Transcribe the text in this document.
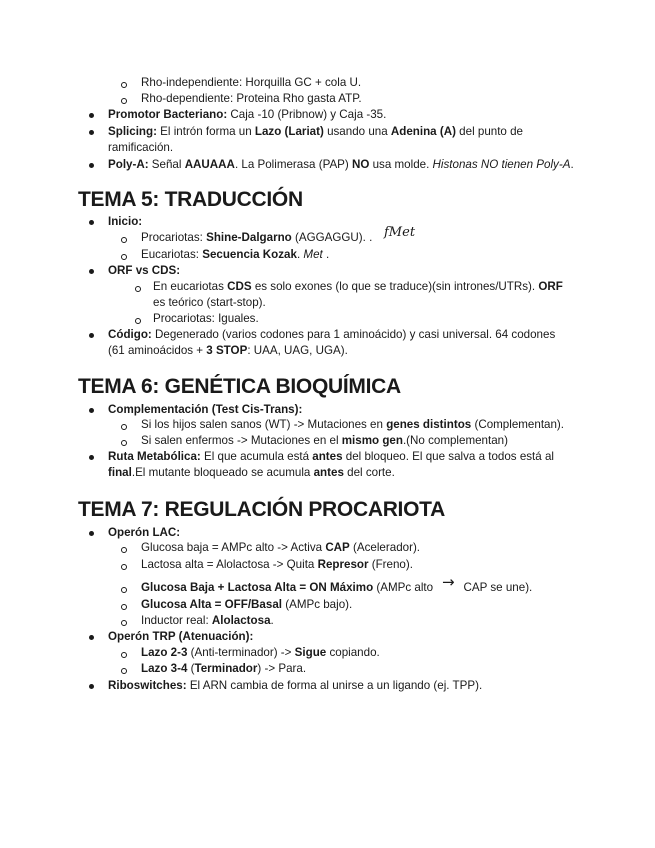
Rho-independiente: Horquilla GC + cola U.
Rho-dependiente: Proteina Rho gasta ATP.
Promotor Bacteriano: Caja -10 (Pribnow) y Caja -35.
Splicing: El intrón forma un Lazo (Lariat) usando una Adenina (A) del punto de
ramificación.
Poly-A: Señal AAUAAA. La Polimerasa (PAP) NO usa molde. Histonas NO tienen Poly-A.
TEMA 5: TRADUCCIÓN
Inicio:
Procariotas: Shine-Dalgarno (AGGAGGU). . fMet
Eucariotas: Secuencia Kozak. Met .
ORF vs CDS:
En eucariotas CDS es solo exones (lo que se traduce)(sin intrones/UTRs). ORF
es teórico (start-stop).
Procariotas: Iguales.
Código: Degenerado (varios codones para 1 aminoácido) y casi universal. 64 codones
(61 aminoácidos + 3 STOP: UAA, UAG, UGA).
TEMA 6: GENÉTICA BIOQUÍMICA
Complementación (Test Cis-Trans):
Si los hijos salen sanos (WT) -> Mutaciones en genes distintos (Complementan).
Si salen enfermos -> Mutaciones en el mismo gen.(No complementan)
Ruta Metabólica: El que acumula está antes del bloqueo. El que salva a todos está al
final.El mutante bloqueado se acumula antes del corte.
TEMA 7: REGULACIÓN PROCARIOTA
Operón LAC:
Glucosa baja = AMPc alto -> Activa CAP (Acelerador).
Lactosa alta = Alolactosa -> Quita Represor (Freno).
Glucosa Baja + Lactosa Alta = ON Máximo (AMPc alto  CAP se une).
→
Glucosa Alta = OFF/Basal (AMPc bajo).
Inductor real: Alolactosa.
Operón TRP (Atenuación):
Lazo 2-3 (Anti-terminador) -> Sigue copiando.
Lazo 3-4 (Terminador) -> Para.
Riboswitches: El ARN cambia de forma al unirse a un ligando (ej. TPP).
